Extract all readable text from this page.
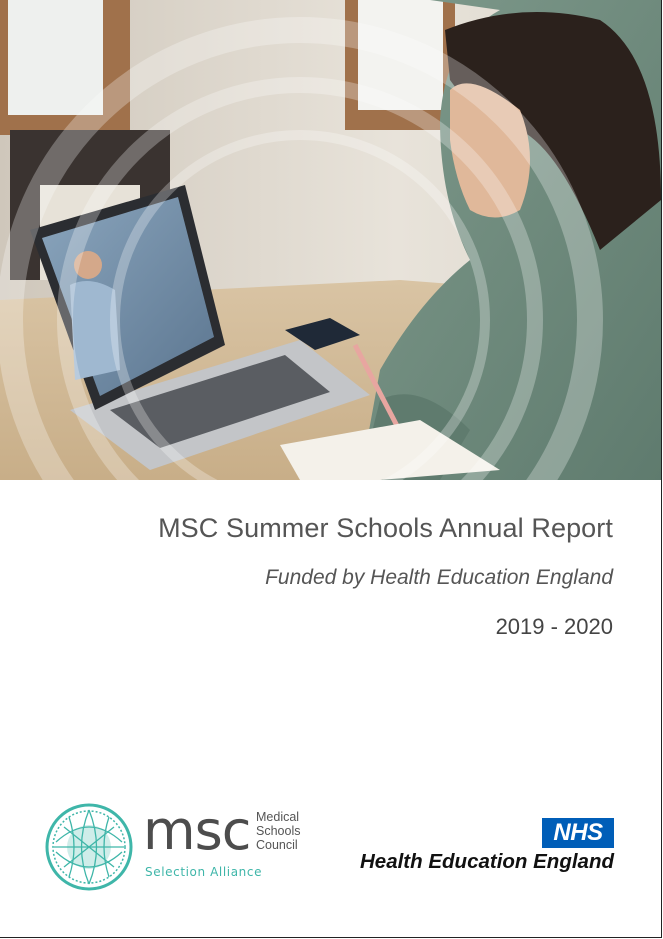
MSC Summer Schools Annual Report
Funded by Health Education England
2019 - 2020
msc Medical
Schools
Council
Selection Alliance
NHS
Health Education England
